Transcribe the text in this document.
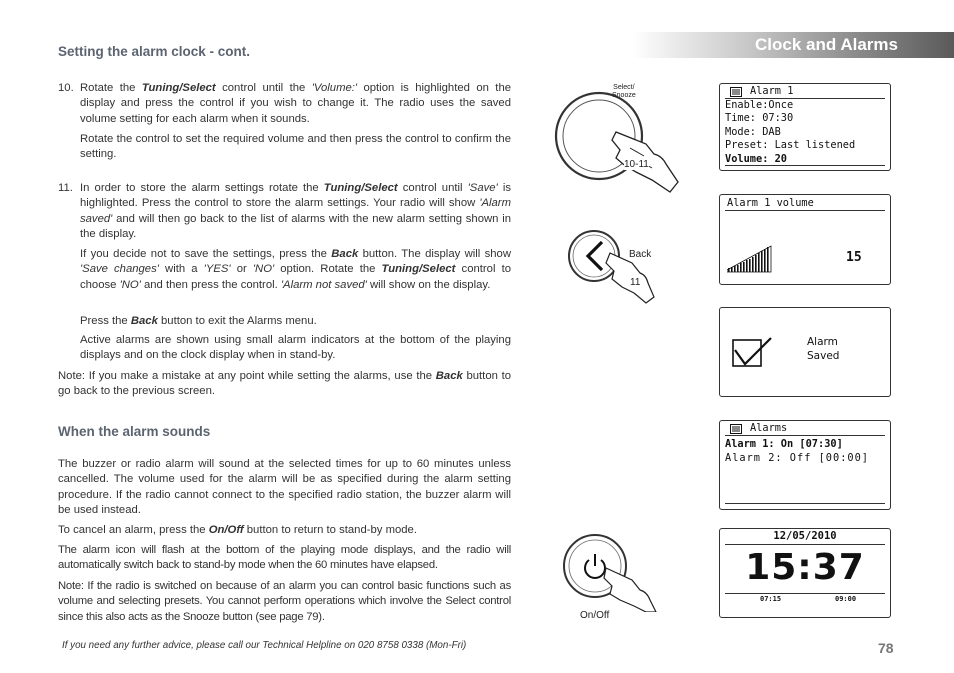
Clock and Alarms
Setting the alarm clock - cont.
10. Rotate the Tuning/Select control until the 'Volume:' option is highlighted on the display and press the control if you wish to change it. The radio uses the saved volume setting for each alarm when it sounds.
Rotate the control to set the required volume and then press the control to confirm the setting.
11. In order to store the alarm settings rotate the Tuning/Select control until 'Save' is highlighted. Press the control to store the alarm settings. Your radio will show 'Alarm saved' and will then go back to the list of alarms with the new alarm setting shown in the display.
If you decide not to save the settings, press the Back button. The display will show 'Save changes' with a 'YES' or 'NO' option. Rotate the Tuning/Select control to choose 'NO' and then press the control. 'Alarm not saved' will show on the display.
Press the Back button to exit the Alarms menu.
Active alarms are shown using small alarm indicators at the bottom of the playing displays and on the clock display when in stand-by.
Note: If you make a mistake at any point while setting the alarms, use the Back button to go back to the previous screen.
When the alarm sounds
The buzzer or radio alarm will sound at the selected times for up to 60 minutes unless cancelled. The volume used for the alarm will be as specified during the alarm setting procedure. If the radio cannot connect to the specified radio station, the buzzer alarm will be used instead.
To cancel an alarm, press the On/Off button to return to stand-by mode.
The alarm icon will flash at the bottom of the playing mode displays, and the radio will automatically switch back to stand-by mode when the 60 minutes have elapsed.
Note: If the radio is switched on because of an alarm you can control basic functions such as volume and selecting presets. You cannot perform operations which involve the Select control since this also acts as the Snooze button (see page 79).
Select/
Snooze
10-11
Back
11
On/Off
Alarm 1
Enable:Once
Time: 07:30
Mode: DAB
Preset: Last listened
Volume: 20
Alarm 1 volume
15
Alarm
Saved
Alarms
Alarm 1: On [07:30]
Alarm 2: Off [00:00]
12/05/2010
15:37
07:15	09:00
If you need any further advice, please call our Technical Helpline on 020 8758 0338 (Mon-Fri)	78
